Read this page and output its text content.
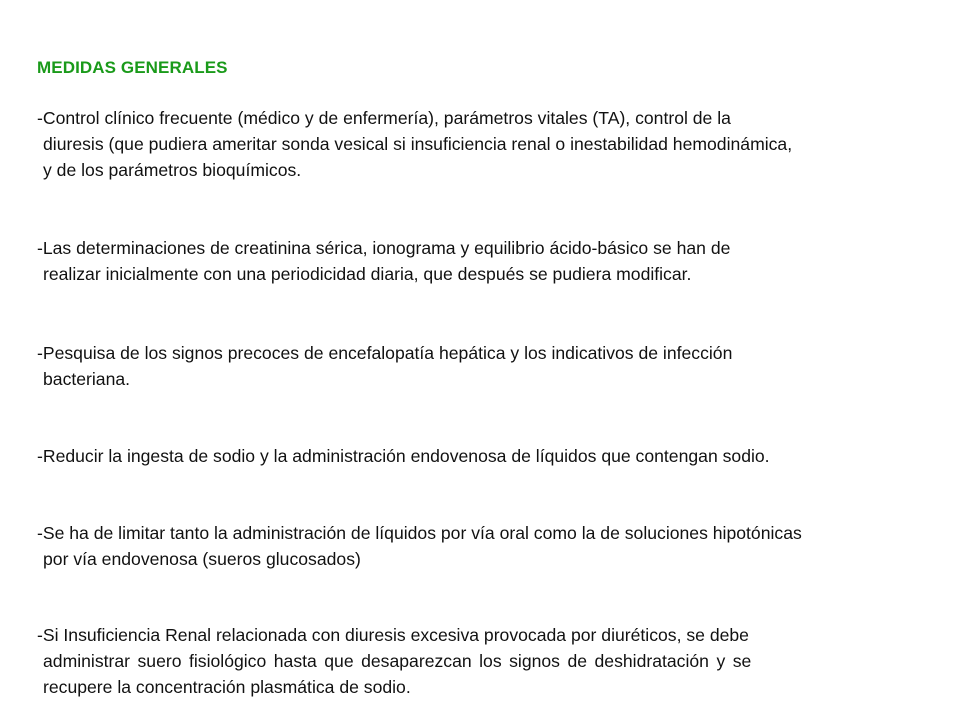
MEDIDAS GENERALES
-Control clínico frecuente (médico y de enfermería), parámetros vitales (TA), control de la
diuresis (que pudiera ameritar sonda vesical si insuficiencia renal o inestabilidad hemodinámica,
y de los parámetros bioquímicos.
-Las determinaciones de creatinina sérica, ionograma y equilibrio ácido-básico se han de
realizar inicialmente con una periodicidad diaria, que después se pudiera modificar.
-Pesquisa de los signos precoces de encefalopatía hepática y los indicativos de infección
bacteriana.
-Reducir la ingesta de sodio y la administración endovenosa de líquidos que contengan sodio.
-Se ha de limitar tanto la administración de líquidos por vía oral como la de soluciones hipotónicas
por vía endovenosa (sueros glucosados)
-Si Insuficiencia Renal relacionada con diuresis excesiva provocada por diuréticos, se debe
administrar suero fisiológico hasta que desaparezcan los signos de deshidratación y se
recupere la concentración plasmática de sodio.
